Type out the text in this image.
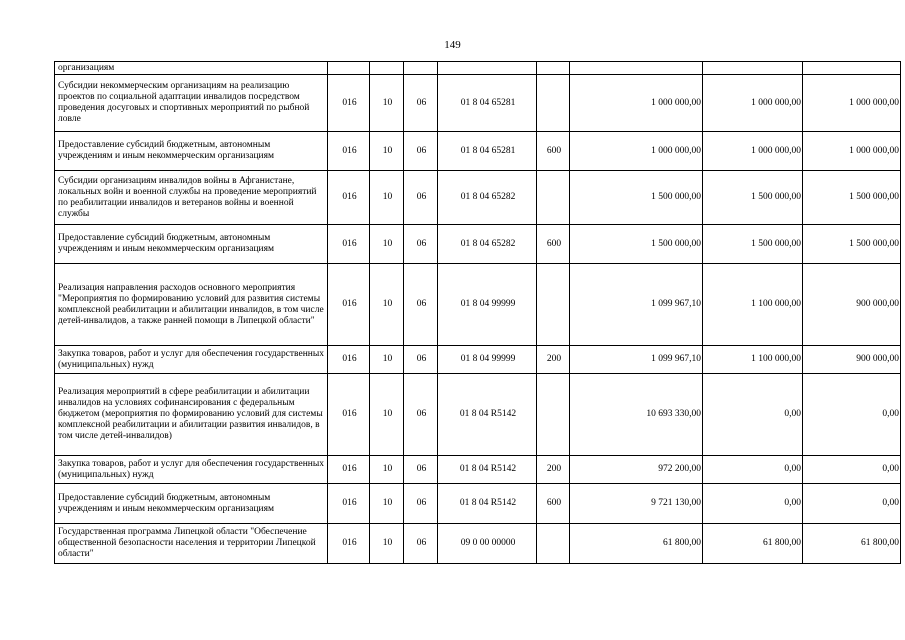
149
организациям								
Субсидии некоммерческим организациям на реализацию проектов по социальной адаптации инвалидов посредством проведения досуговых и спортивных мероприятий по рыбной ловле	016	10	06	01 8 04 65281		1 000 000,00	1 000 000,00	1 000 000,00
Предоставление субсидий бюджетным, автономным учреждениям и иным некоммерческим организациям	016	10	06	01 8 04 65281	600	1 000 000,00	1 000 000,00	1 000 000,00
Субсидии организациям инвалидов войны в Афганистане, локальных войн и военной службы на проведение мероприятий по реабилитации инвалидов и ветеранов войны и военной службы	016	10	06	01 8 04 65282		1 500 000,00	1 500 000,00	1 500 000,00
Предоставление субсидий бюджетным, автономным учреждениям и иным некоммерческим организациям	016	10	06	01 8 04 65282	600	1 500 000,00	1 500 000,00	1 500 000,00
Реализация направления расходов основного мероприятия "Мероприятия по формированию условий для развития системы комплексной реабилитации и абилитации инвалидов, в том числе детей-инвалидов, а также ранней помощи в Липецкой области"	016	10	06	01 8 04 99999		1 099 967,10	1 100 000,00	900 000,00
Закупка товаров, работ и услуг для обеспечения государственных (муниципальных) нужд	016	10	06	01 8 04 99999	200	1 099 967,10	1 100 000,00	900 000,00
Реализация мероприятий в сфере реабилитации и абилитации инвалидов на условиях софинансирования с федеральным бюджетом (мероприятия по формированию условий для системы комплексной реабилитации и абилитации развития инвалидов, в том числе детей-инвалидов)	016	10	06	01 8 04 R5142		10 693 330,00	0,00	0,00
Закупка товаров, работ и услуг для обеспечения государственных (муниципальных) нужд	016	10	06	01 8 04 R5142	200	972 200,00	0,00	0,00
Предоставление субсидий бюджетным, автономным учреждениям и иным некоммерческим организациям	016	10	06	01 8 04 R5142	600	9 721 130,00	0,00	0,00
Государственная программа Липецкой области "Обеспечение общественной безопасности населения и территории Липецкой области"	016	10	06	09 0 00 00000		61 800,00	61 800,00	61 800,00
